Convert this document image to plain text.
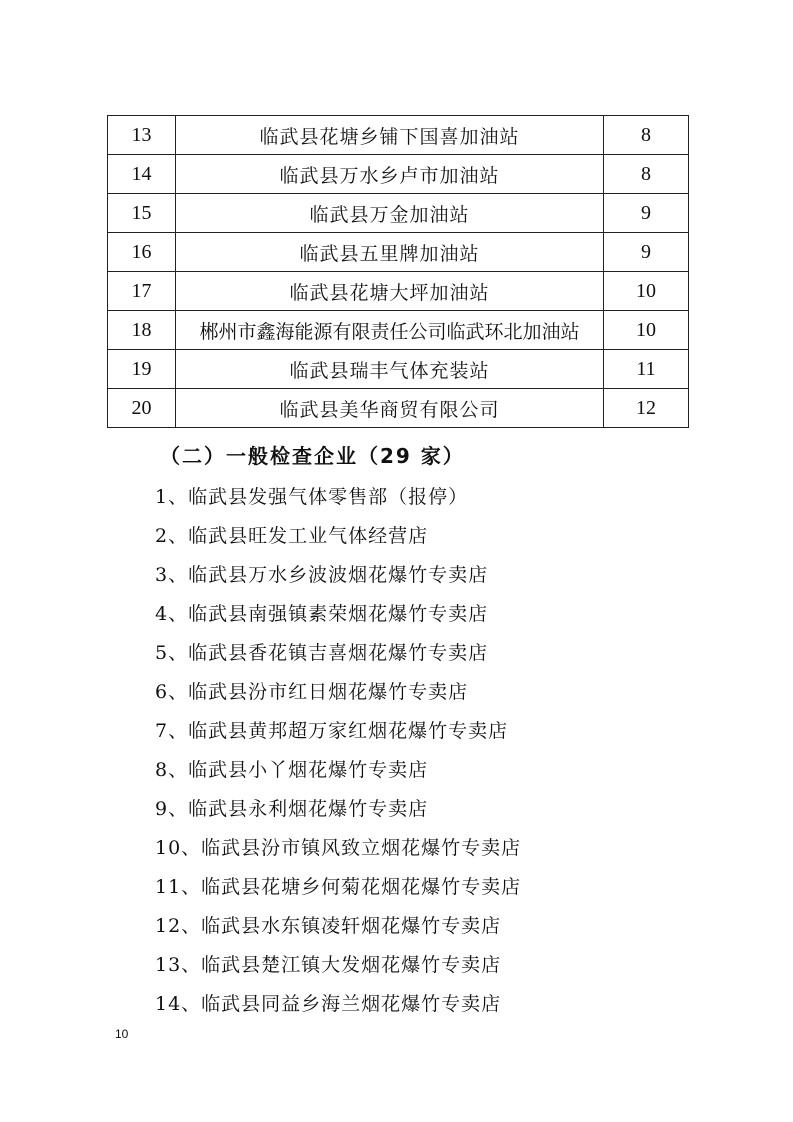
13	临武县花塘乡铺下国喜加油站	8
14	临武县万水乡卢市加油站	8
15	临武县万金加油站	9
16	临武县五里牌加油站	9
17	临武县花塘大坪加油站	10
18	郴州市鑫海能源有限责任公司临武环北加油站	10
19	临武县瑞丰气体充装站	11
20	临武县美华商贸有限公司	12
（二）一般检查企业（29 家）
1、临武县发强气体零售部（报停）
2、临武县旺发工业气体经营店
3、临武县万水乡波波烟花爆竹专卖店
4、临武县南强镇素荣烟花爆竹专卖店
5、临武县香花镇吉喜烟花爆竹专卖店
6、临武县汾市红日烟花爆竹专卖店
7、临武县黄邦超万家红烟花爆竹专卖店
8、临武县小丫烟花爆竹专卖店
9、临武县永利烟花爆竹专卖店
10、临武县汾市镇风致立烟花爆竹专卖店
11、临武县花塘乡何菊花烟花爆竹专卖店
12、临武县水东镇凌轩烟花爆竹专卖店
13、临武县楚江镇大发烟花爆竹专卖店
14、临武县同益乡海兰烟花爆竹专卖店
10
